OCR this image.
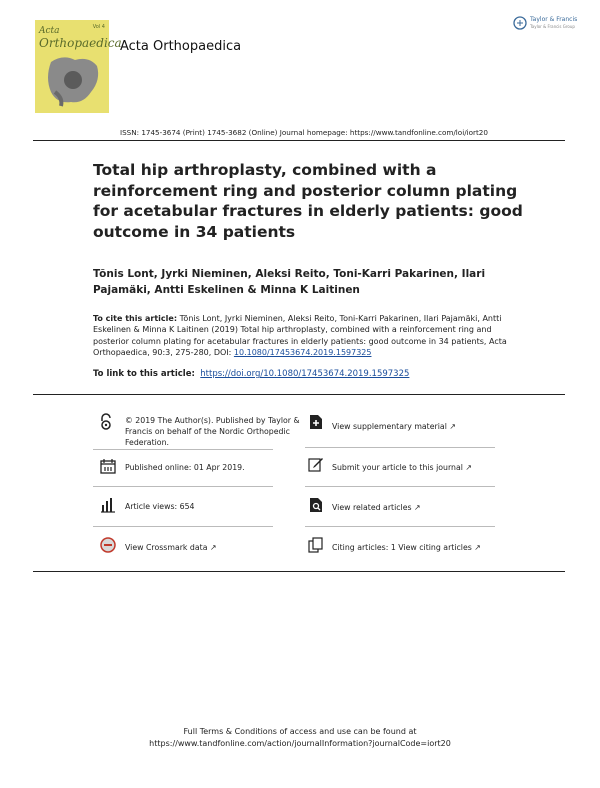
Acta
Orthopaedica
Vol 4
Acta Orthopaedica
Taylor & Francis
Taylor & Francis Group
ISSN: 1745-3674 (Print) 1745-3682 (Online) Journal homepage: https://www.tandfonline.com/loi/iort20
Total hip arthroplasty, combined with a reinforcement ring and posterior column plating for acetabular fractures in elderly patients: good outcome in 34 patients
Tõnis Lont, Jyrki Nieminen, Aleksi Reito, Toni-Karri Pakarinen, Ilari Pajamäki, Antti Eskelinen & Minna K Laitinen
To cite this article: Tõnis Lont, Jyrki Nieminen, Aleksi Reito, Toni-Karri Pakarinen, Ilari Pajamäki, Antti Eskelinen & Minna K Laitinen (2019) Total hip arthroplasty, combined with a reinforcement ring and posterior column plating for acetabular fractures in elderly patients: good outcome in 34 patients, Acta Orthopaedica, 90:3, 275-280, DOI: 10.1080/17453674.2019.1597325
To link to this article: https://doi.org/10.1080/17453674.2019.1597325
© 2019 The Author(s). Published by Taylor & Francis on behalf of the Nordic Orthopedic Federation.
Published online: 01 Apr 2019.
Article views: 654
View Crossmark data ↗
View supplementary material ↗
Submit your article to this journal ↗
View related articles ↗
Citing articles: 1 View citing articles ↗
Full Terms & Conditions of access and use can be found at
https://www.tandfonline.com/action/journalInformation?journalCode=iort20
